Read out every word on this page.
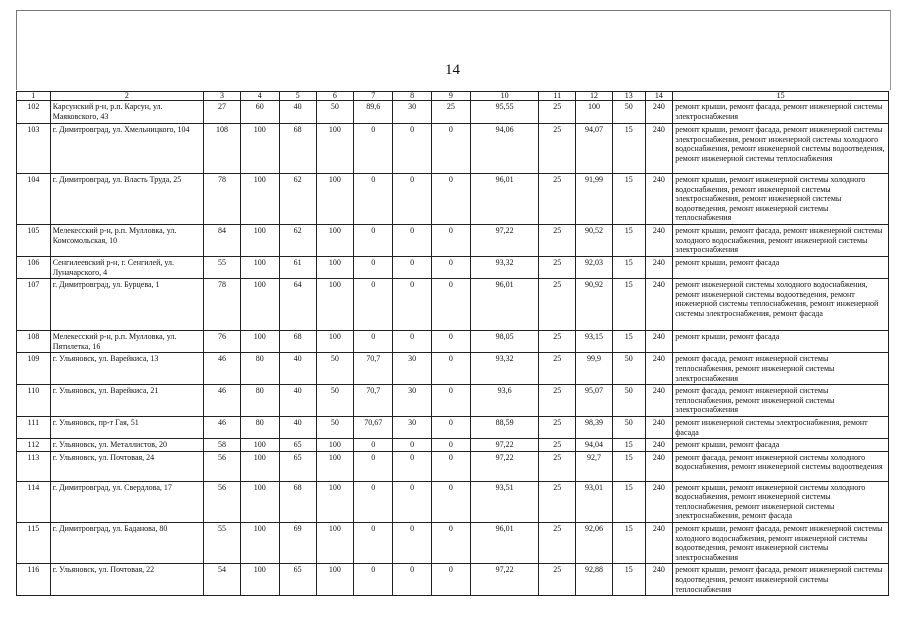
14
1	2	3	4	5	6	7	8	9	10	11	12	13	14	15
102	Карсунский р-н, р.п. Карсун, ул. Маяковского, 43	27	60	40	50	89,6	30	25	95,55	25	100	50	240	ремонт крыши, ремонт фасада, ремонт инженерной системы электроснабжения
103	г. Димитровград, ул. Хмельницкого, 104	108	100	68	100	0	0	0	94,06	25	94,07	15	240	ремонт крыши, ремонт фасада, ремонт инженерной системы электроснабжения, ремонт инженерной системы холодного водоснабжения, ремонт инженерной системы водоотведения, ремонт инженерной системы теплоснабжения
104	г. Димитровград, ул. Власть Труда, 25	78	100	62	100	0	0	0	96,01	25	91,99	15	240	ремонт крыши, ремонт инженерной системы холодного водоснабжения, ремонт инженерной системы электроснабжения, ремонт инженерной системы водоотведения, ремонт инженерной системы теплоснабжения
105	Мелекесский р-н, р.п. Мулловка, ул. Комсомольская, 10	84	100	62	100	0	0	0	97,22	25	90,52	15	240	ремонт крыши, ремонт фасада, ремонт инженерной системы холодного водоснабжения, ремонт инженерной системы электроснабжения
106	Сенгилеевский р-н, г. Сенгилей, ул. Луначарского, 4	55	100	61	100	0	0	0	93,32	25	92,03	15	240	ремонт крыши, ремонт фасада
107	г. Димитровград, ул. Бурцева, 1	78	100	64	100	0	0	0	96,01	25	90,92	15	240	ремонт инженерной системы холодного водоснабжения, ремонт инженерной системы водоотведения, ремонт инженерной системы теплоснабжения, ремонт инженерной системы электроснабжения, ремонт фасада
108	Мелекесский р-н, р.п. Мулловка, ул. Пятилетка, 16	76	100	68	100	0	0	0	98,05	25	93,15	15	240	ремонт крыши, ремонт фасада
109	г. Ульяновск, ул. Варейкиса, 13	46	80	40	50	70,7	30	0	93,32	25	99,9	50	240	ремонт фасада, ремонт инженерной системы теплоснабжения, ремонт инженерной системы электроснабжения
110	г. Ульяновск, ул. Варейкиса, 21	46	80	40	50	70,7	30	0	93,6	25	95,07	50	240	ремонт фасада, ремонт инженерной системы теплоснабжения, ремонт инженерной системы электроснабжения
111	г. Ульяновск, пр-т Гая, 51	46	80	40	50	70,67	30	0	88,59	25	98,39	50	240	ремонт инженерной системы электроснабжения, ремонт фасада
112	г. Ульяновск, ул. Металлистов, 20	58	100	65	100	0	0	0	97,22	25	94,04	15	240	ремонт крыши, ремонт фасада
113	г. Ульяновск, ул. Почтовая, 24	56	100	65	100	0	0	0	97,22	25	92,7	15	240	ремонт фасада, ремонт инженерной системы холодного водоснабжения, ремонт инженерной системы водоотведения
114	г. Димитровград, ул. Свердлова, 17	56	100	68	100	0	0	0	93,51	25	93,01	15	240	ремонт крыши, ремонт инженерной системы холодного водоснабжения, ремонт инженерной системы теплоснабжения, ремонт инженерной системы электроснабжения, ремонт фасада
115	г. Димитровград, ул. Баданова, 80	55	100	69	100	0	0	0	96,01	25	92,06	15	240	ремонт крыши, ремонт фасада, ремонт инженерной системы холодного водоснабжения, ремонт инженерной системы водоотведения, ремонт инженерной системы электроснабжения
116	г. Ульяновск, ул. Почтовая, 22	54	100	65	100	0	0	0	97,22	25	92,88	15	240	ремонт крыши, ремонт фасада, ремонт инженерной системы водоотведения, ремонт инженерной системы теплоснабжения
